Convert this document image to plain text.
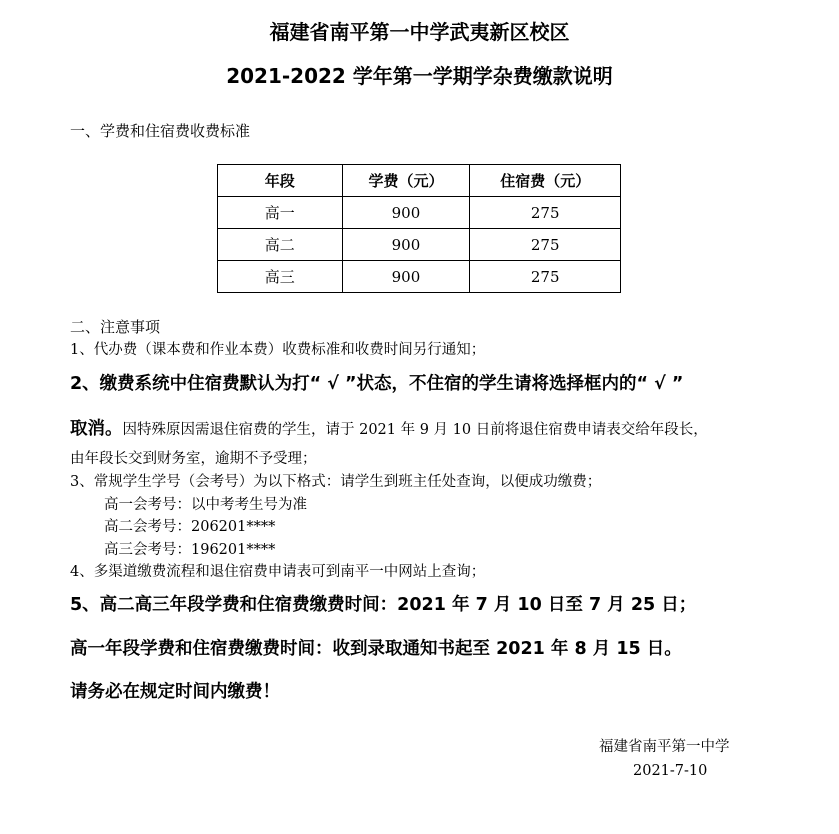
福建省南平第一中学武夷新区校区
2021-2022 学年第一学期学杂费缴款说明
一、学费和住宿费收费标准
年段	学费（元）	住宿费（元）
高一	900	275
高二	900	275
高三	900	275
二、注意事项
1、代办费（课本费和作业本费）收费标准和收费时间另行通知；
2、缴费系统中住宿费默认为打“ √ ”状态，不住宿的学生请将选择框内的“ √ ”
取消。因特殊原因需退住宿费的学生，请于 2021 年 9 月 10 日前将退住宿费申请表交给年段长，
由年段长交到财务室，逾期不予受理；
3、常规学生学号（会考号）为以下格式：请学生到班主任处查询，以便成功缴费；
高一会考号：以中考考生号为准
高二会考号：206201****
高三会考号：196201****
4、多渠道缴费流程和退住宿费申请表可到南平一中网站上查询；
5、高二高三年段学费和住宿费缴费时间：2021 年 7 月 10 日至 7 月 25 日；
高一年段学费和住宿费缴费时间：收到录取通知书起至 2021 年 8 月 15 日。
请务必在规定时间内缴费！
福建省南平第一中学
2021-7-10
